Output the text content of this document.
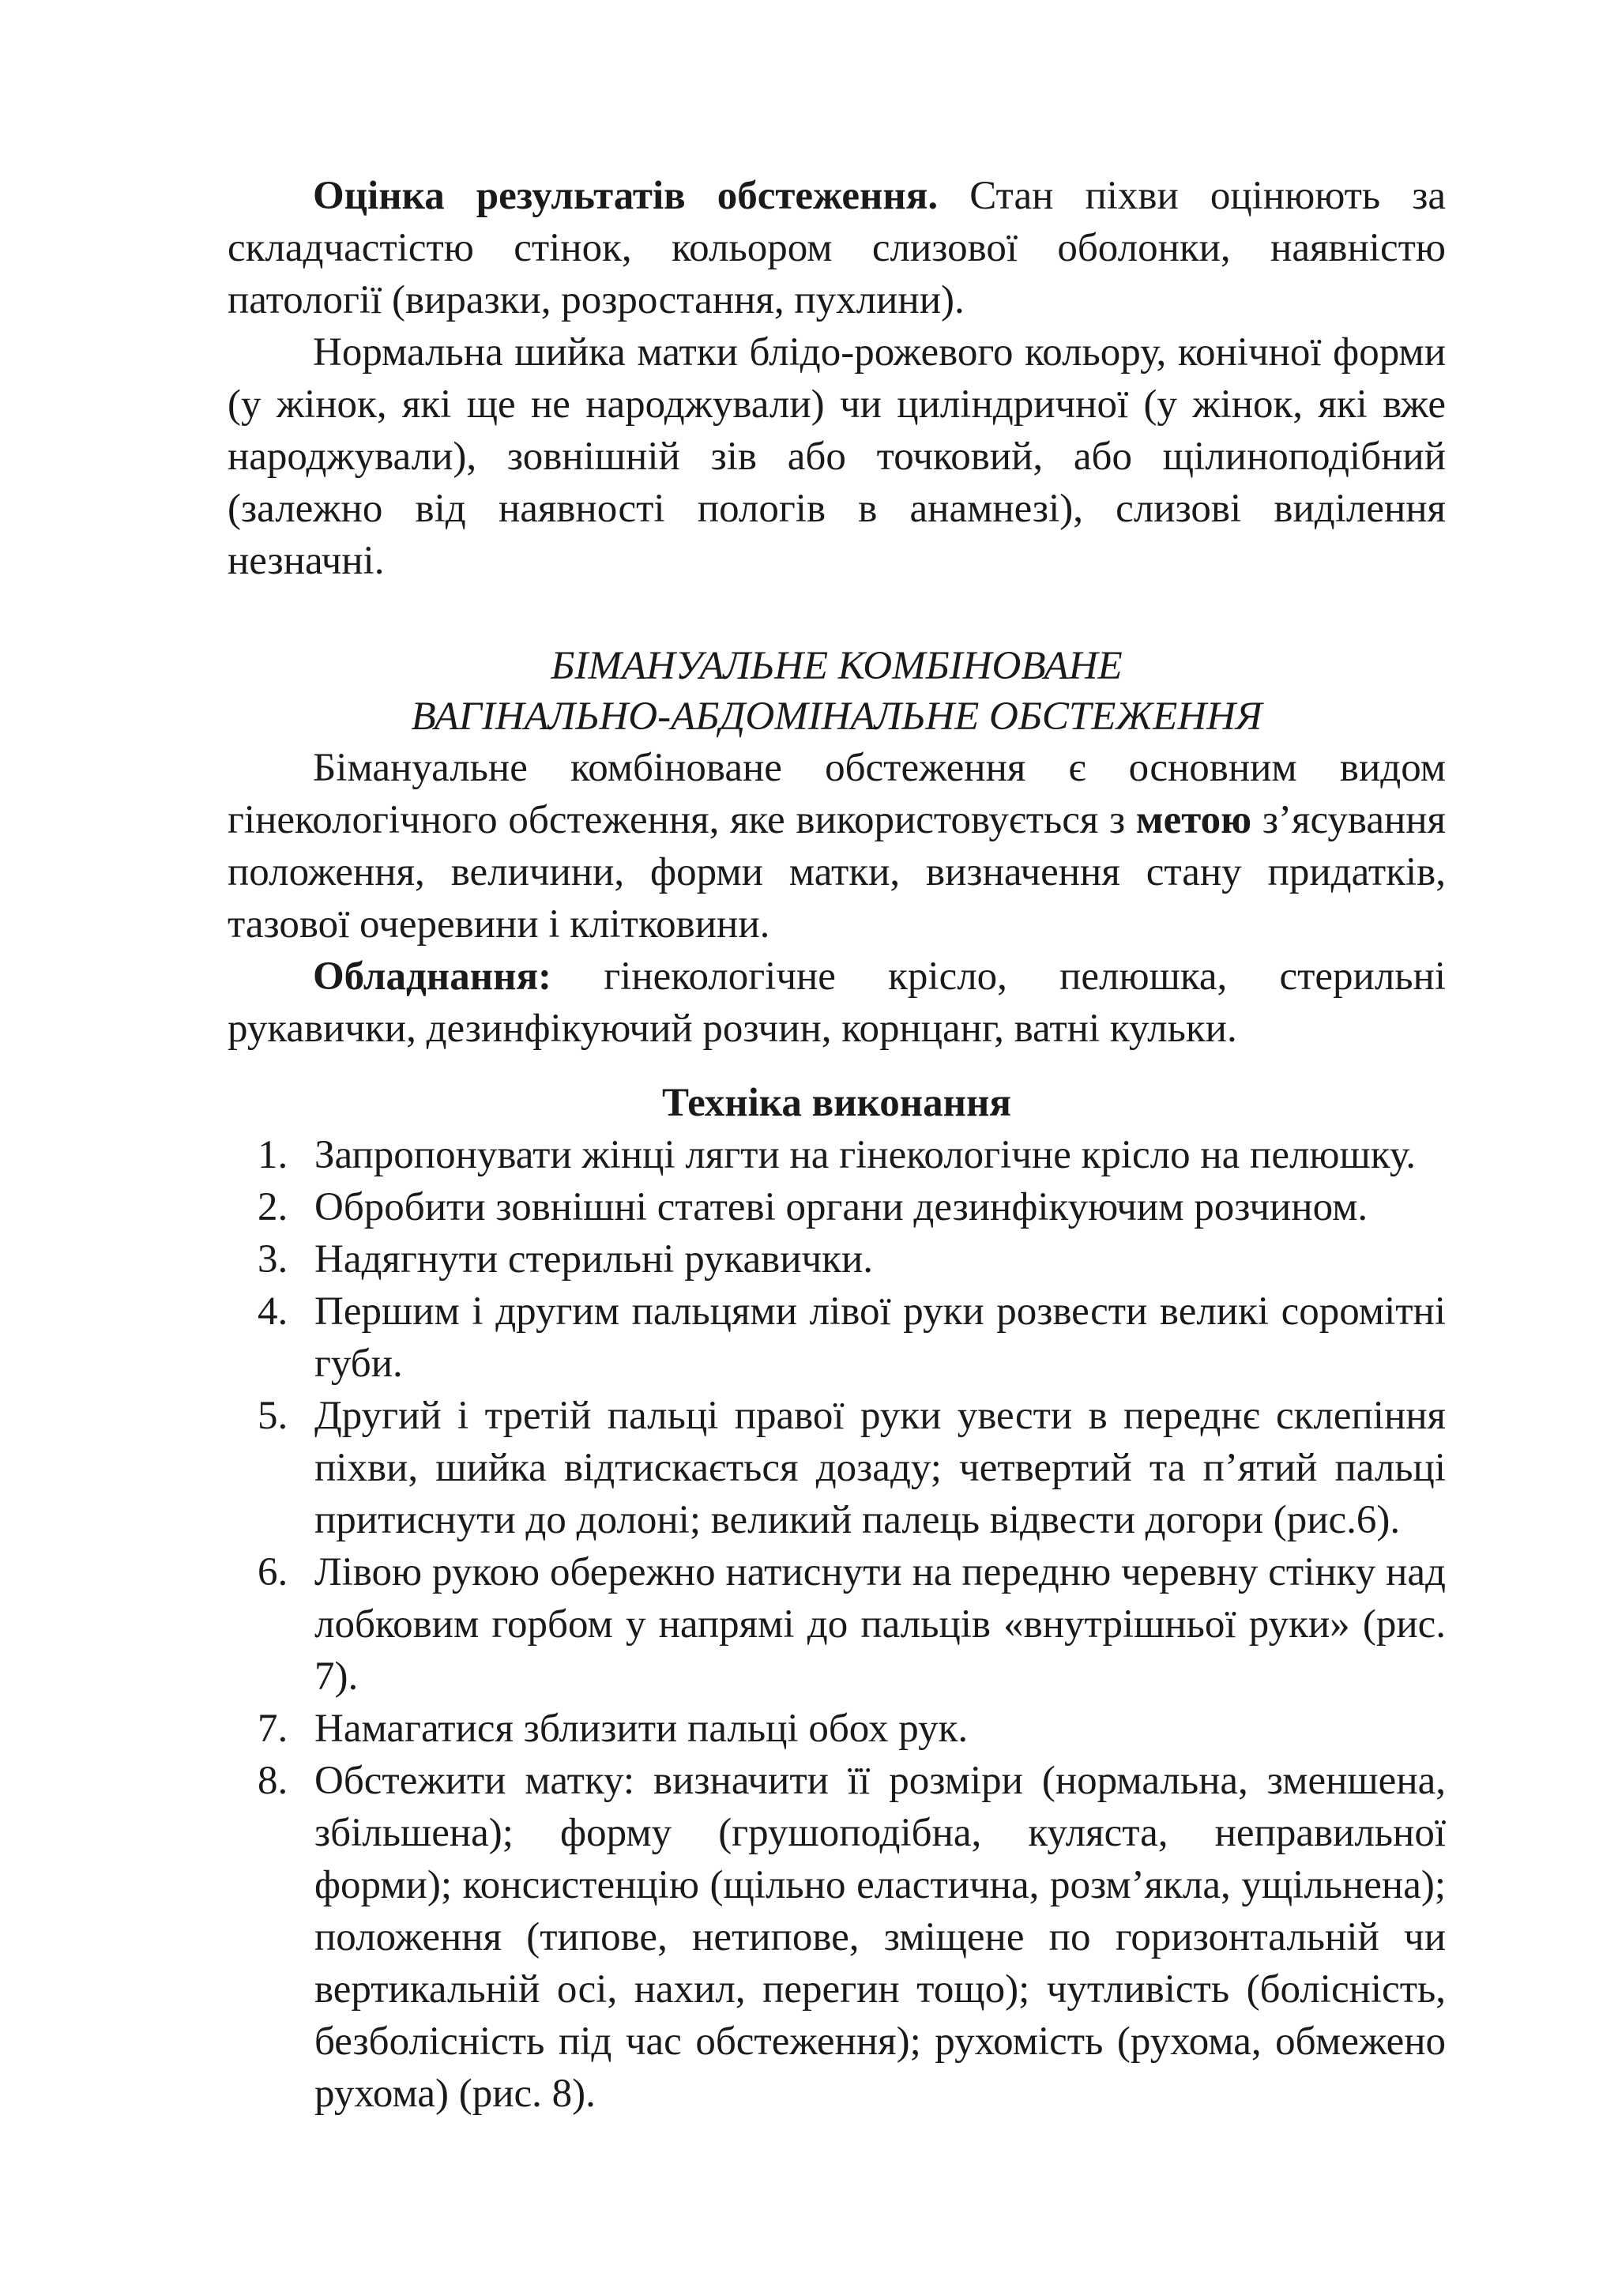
Оцінка результатів обстеження. Стан піхви оцінюють за складчастістю стінок, кольором слизової оболонки, наявністю патології (виразки, розростання, пухлини).

Нормальна шийка матки блідо-рожевого кольору, конічної форми (у жінок, які ще не народжували) чи циліндричної (у жінок, які вже народжували), зовнішній зів або точковий, або щілиноподібний (залежно від наявності пологів в анамнезі), слизові виділення незначні.

БІМАНУАЛЬНЕ КОМБІНОВАНЕ
ВАГІНАЛЬНО-АБДОМІНАЛЬНЕ ОБСТЕЖЕННЯ

Бімануальне комбіноване обстеження є основним видом гінекологічного обстеження, яке використовується з метою з’ясування положення, величини, форми матки, визначення стану придатків, тазової очеревини і клітковини.

Обладнання: гінекологічне крісло, пелюшка, стерильні рукавички, дезинфікуючий розчин, корнцанг, ватні кульки.

Техніка виконання
1. Запропонувати жінці лягти на гінекологічне крісло на пелюшку.
2. Обробити зовнішні статеві органи дезинфікуючим розчином.
3. Надягнути стерильні рукавички.
4. Першим і другим пальцями лівої руки розвести великі соромітні губи.
5. Другий і третій пальці правої руки увести в переднє склепіння піхви, шийка відтискається дозаду; четвертий та п’ятий пальці притиснути до долоні; великий палець відвести догори (рис.6).
6. Лівою рукою обережно натиснути на передню черевну стінку над лобковим горбом у напрямі до пальців «внутрішньої руки» (рис. 7).
7. Намагатися зблизити пальці обох рук.
8. Обстежити матку: визначити її розміри (нормальна, зменшена, збільшена); форму (грушоподібна, куляста, неправильної форми); консистенцію (щільно еластична, розм’якла, ущільнена); положення (типове, нетипове, зміщене по горизонтальній чи вертикальній осі, нахил, перегин тощо); чутливість (болісність, безболісність під час обстеження); рухомість (рухома, обмежено рухома) (рис. 8).
